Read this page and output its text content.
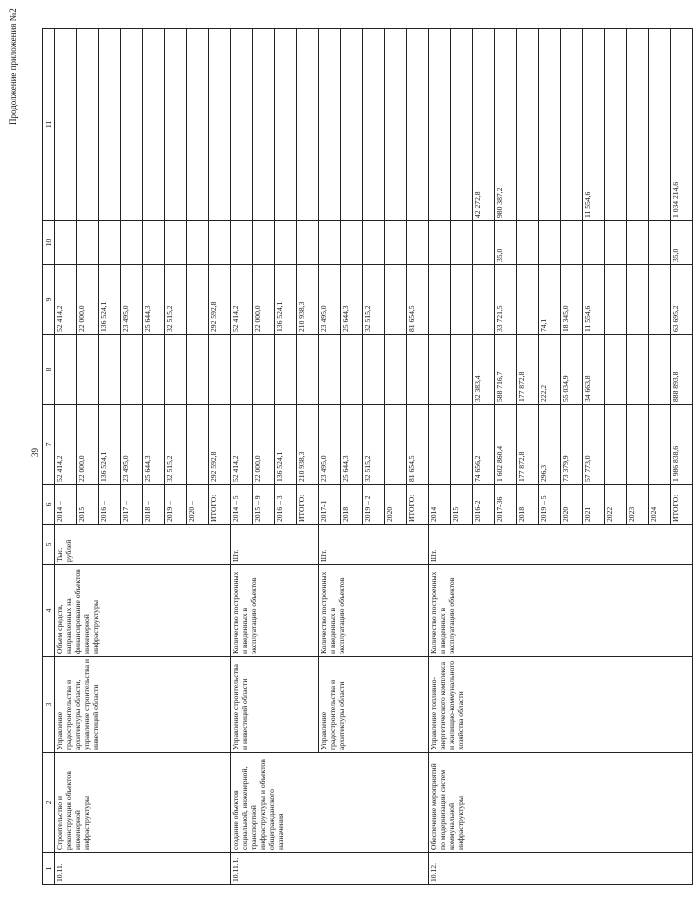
39
Продолжение приложения №2
1	2	3	4	5	6	7	8	9	10	11
10.11.	Строительство и реконструкция объектов инженерной инфраструктуры	Управление градостроительства и архитектуры области, управление строительства и инвестиций области	Объем средств, направленных на финансирование объектов инженерной инфраструктуры	Тыс. рублей	2014 –	52 414,2		52 414,2		
					2015	22 000,0		22 000,0		
					2016 –	136 524,1		136 524,1		
					2017 –	23 495,0		23 495,0		
					2018 –	25 644,3		25 644,3		
					2019 –	32 515,2		32 515,2		
					2020 –					
					ИТОГО:	292 592,8		292 592,8		
10.11.1.	создание объектов социальной, инженерной, транспортной инфраструктуры и объектов общегражданского назначения	Управление строительства и инвестиций области	Количество построенных и введенных в эксплуатацию объектов	Шт.	2014 – 5	52 414,2		52 414,2		
					2015 – 9	22 000,0		22 000,0		
					2016 – 3	136 524,1		136 524,1		
					ИТОГО:	210 938,3		210 938,3		
		Управление градостроительства и архитектуры области	Количество построенных и введенных в эксплуатацию объектов	Шт.	2017-1	23 495,0		23 495,0		
					2018	25 644,3		25 644,3		
					2019 – 2	32 515,2		32 515,2		
					2020					
					ИТОГО:	81 654,5		81 654,5		
10.12.	Обеспечение мероприятий по модернизации систем коммунальной инфраструктуры	Управление топливно-энергетического комплекса и жилищно-коммунального хозяйства области	Количество построенных и введенных в эксплуатацию объектов	Шт.	2014					
					2015					
					2016-2	74 656,2	32 383,4			42 272,8
					2017-36	1 602 860,4	588 716,7	33 721,5	35,0	980 387,2
					2018	177 872,8	177 872,8			
					2019 – 5	296,3	222,2	74,1		
					2020	73 379,9	55 034,9	18 345,0		
					2021	57 773,0	34 663,8	11 554,6		11 554,6
					2022					
					2023					
					2024					
					ИТОГО:	1 986 838,6	888 893,8	63 695,2	35,0	1 034 214,6
